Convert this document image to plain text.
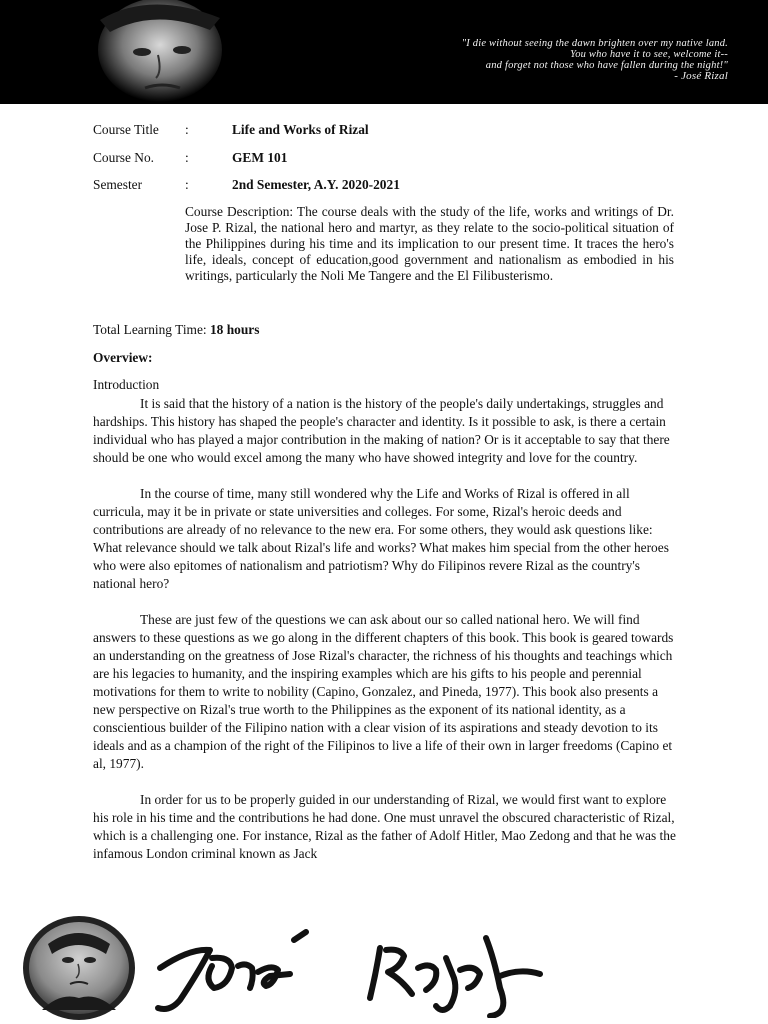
"I die without seeing the dawn brighten over my native land.
You who have it to see, welcome it--
and forget not those who have fallen during the night!"
- José Rizal
Course Title :	Life and Works of Rizal
Course No. :	GEM 101
Semester	:	2nd Semester, A.Y. 2020-2021
Course Description: The course deals with the study of the life, works and writings of Dr. Jose P. Rizal, the national hero and martyr, as they relate to the socio-political situation of the Philippines during his time and its implication to our present time. It traces the hero's life, ideals, concept of education,good government and nationalism as embodied in his writings, particularly the Noli Me Tangere and the El Filibusterismo.
Total Learning Time: 18 hours
Overview:
Introduction

It is said that the history of a nation is the history of the people's daily undertakings, struggles and hardships. This history has shaped the people's character and identity. Is it possible to ask, is there a certain individual who has played a major contribution in the making of nation? Or is it acceptable to say that there should be one who would excel among the many who have showed integrity and love for the country.

In the course of time, many still wondered why the Life and Works of Rizal is offered in all curricula, may it be in private or state universities and colleges. For some, Rizal's heroic deeds and contributions are already of no relevance to the new era. For some others, they would ask questions like: What relevance should we talk about Rizal's life and works? What makes him special from the other heroes who were also epitomes of nationalism and patriotism? Why do Filipinos revere Rizal as the country's national hero?

These are just few of the questions we can ask about our so called national hero. We will find answers to these questions as we go along in the different chapters of this book. This book is geared towards an understanding on the greatness of Jose Rizal's character, the richness of his thoughts and teachings which are his legacies to humanity, and the inspiring examples which are his gifts to his people and perennial motivations for them to write to nobility (Capino, Gonzalez, and Pineda, 1977). This book also presents a new perspective on Rizal's true worth to the Philippines as the exponent of its national identity, as a conscientious builder of the Filipino nation with a clear vision of its aspirations and steady devotion to its ideals and as a champion of the right of the Filipinos to live a life of their own in larger freedoms (Capino et al, 1977).

In order for us to be properly guided in our understanding of Rizal, we would first want to explore his role in his time and the contributions he had done. One must unravel the obscured characteristic of Rizal, which is a challenging one. For instance, Rizal as the father of Adolf Hitler, Mao Zedong and that he was the infamous London criminal known as Jack
